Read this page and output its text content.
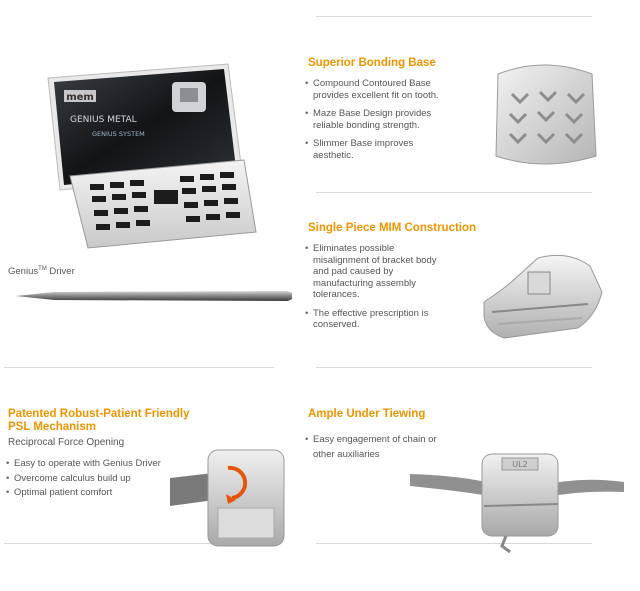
mem
GENIUS METAL
GENIUS SYSTEM
Genius™ Driver
Superior Bonding Base
• Compound Contoured Base provides excellent fit on tooth.
• Maze Base Design provides reliable bonding strength.
• Slimmer Base improves aesthetic.
Single Piece MIM Construction
• Eliminates possible misalignment of bracket body and pad caused by manufacturing assembly tolerances.
• The effective prescription is conserved.
Patented Robust-Patient Friendly
PSL Mechanism
Reciprocal Force Opening
• Easy to operate with Genius Driver
• Overcome calculus build up
• Optimal patient comfort
Ample Under Tiewing
• Easy engagement of chain or other auxiliaries
UL2
